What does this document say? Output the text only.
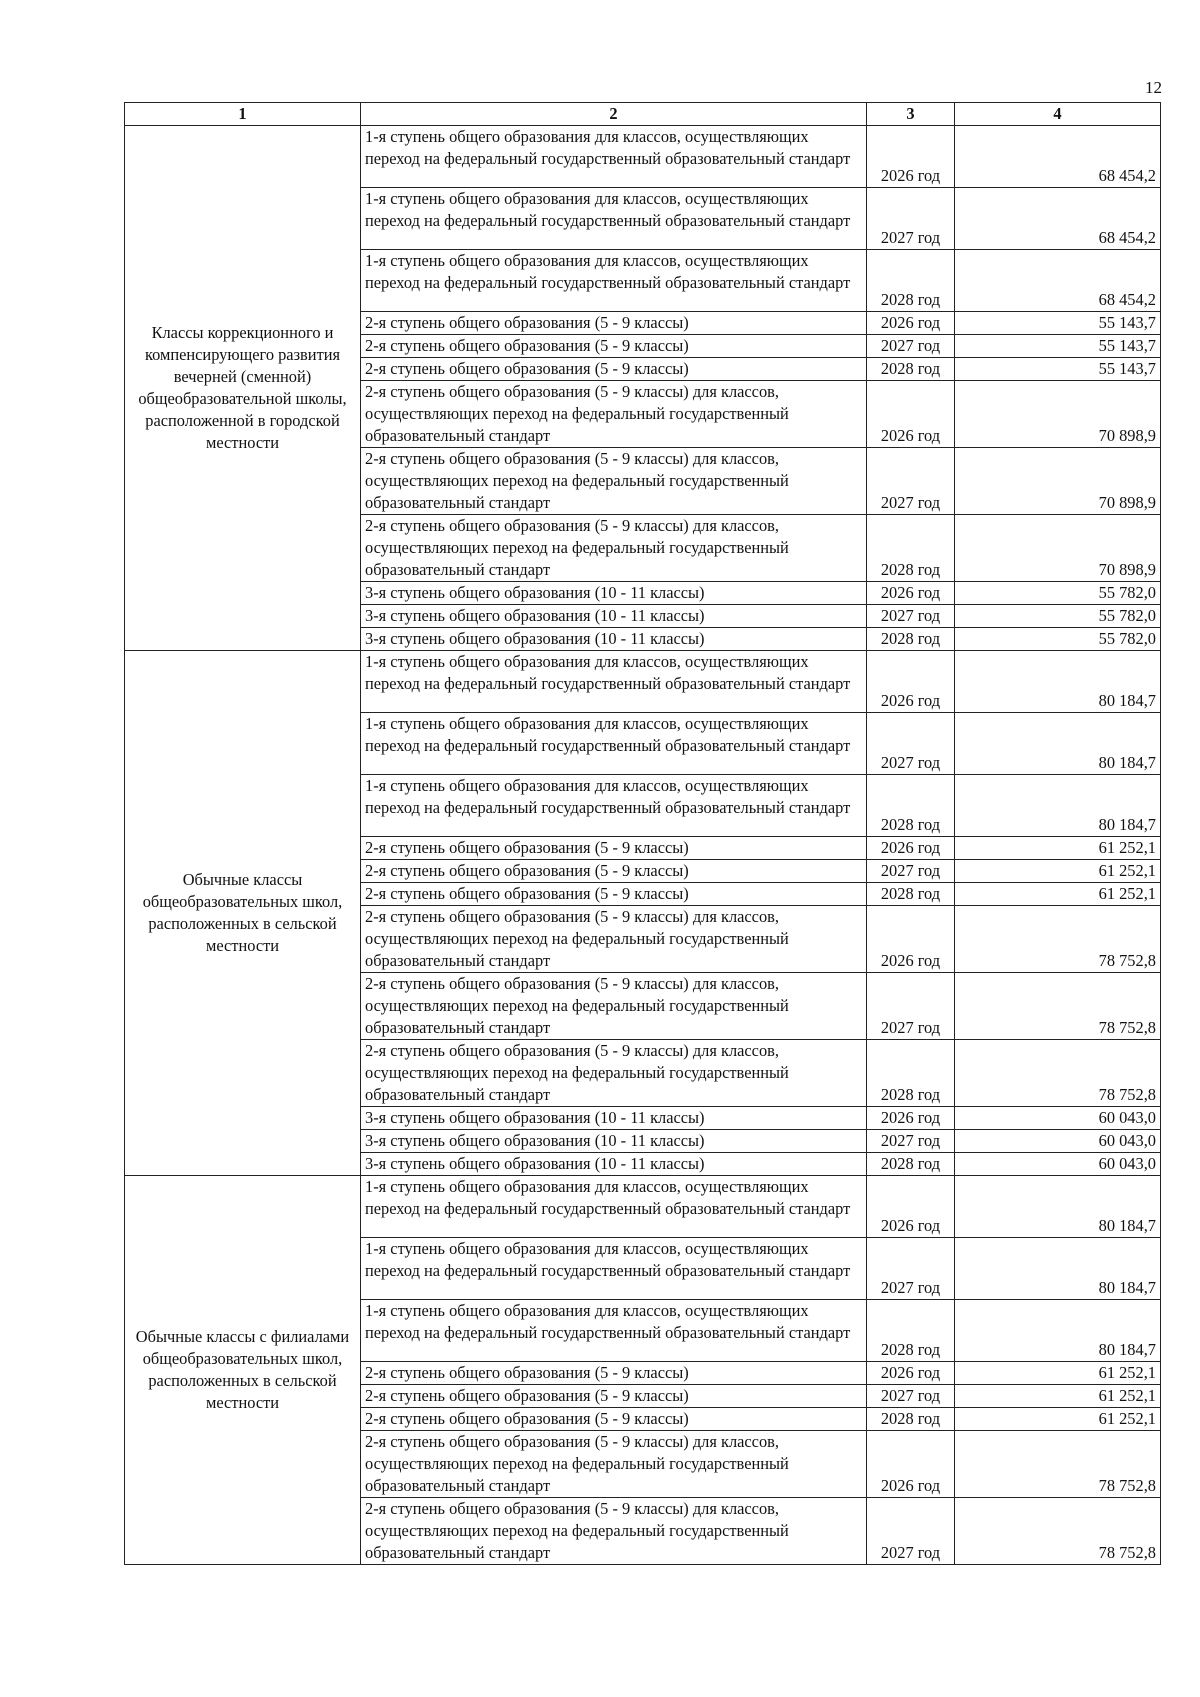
12
1	2	3	4
Классы коррекционного и компенсирующего развития вечерней (сменной) общеобразовательной школы, расположенной в городской местности	1-я ступень общего образования для классов, осуществляющих переход на федеральный государственный образовательный стандарт	2026 год	68 454,2
	1-я ступень общего образования для классов, осуществляющих переход на федеральный государственный образовательный стандарт	2027 год	68 454,2
	1-я ступень общего образования для классов, осуществляющих переход на федеральный государственный образовательный стандарт	2028 год	68 454,2
	2-я ступень общего образования (5 - 9 классы)	2026 год	55 143,7
	2-я ступень общего образования (5 - 9 классы)	2027 год	55 143,7
	2-я ступень общего образования (5 - 9 классы)	2028 год	55 143,7
	2-я ступень общего образования (5 - 9 классы) для классов, осуществляющих переход на федеральный государственный образовательный стандарт	2026 год	70 898,9
	2-я ступень общего образования (5 - 9 классы) для классов, осуществляющих переход на федеральный государственный образовательный стандарт	2027 год	70 898,9
	2-я ступень общего образования (5 - 9 классы) для классов, осуществляющих переход на федеральный государственный образовательный стандарт	2028 год	70 898,9
	3-я ступень общего образования (10 - 11 классы)	2026 год	55 782,0
	3-я ступень общего образования (10 - 11 классы)	2027 год	55 782,0
	3-я ступень общего образования (10 - 11 классы)	2028 год	55 782,0
Обычные классы общеобразовательных школ, расположенных в сельской местности	1-я ступень общего образования для классов, осуществляющих переход на федеральный государственный образовательный стандарт	2026 год	80 184,7
	1-я ступень общего образования для классов, осуществляющих переход на федеральный государственный образовательный стандарт	2027 год	80 184,7
	1-я ступень общего образования для классов, осуществляющих переход на федеральный государственный образовательный стандарт	2028 год	80 184,7
	2-я ступень общего образования (5 - 9 классы)	2026 год	61 252,1
	2-я ступень общего образования (5 - 9 классы)	2027 год	61 252,1
	2-я ступень общего образования (5 - 9 классы)	2028 год	61 252,1
	2-я ступень общего образования (5 - 9 классы) для классов, осуществляющих переход на федеральный государственный образовательный стандарт	2026 год	78 752,8
	2-я ступень общего образования (5 - 9 классы) для классов, осуществляющих переход на федеральный государственный образовательный стандарт	2027 год	78 752,8
	2-я ступень общего образования (5 - 9 классы) для классов, осуществляющих переход на федеральный государственный образовательный стандарт	2028 год	78 752,8
	3-я ступень общего образования (10 - 11 классы)	2026 год	60 043,0
	3-я ступень общего образования (10 - 11 классы)	2027 год	60 043,0
	3-я ступень общего образования (10 - 11 классы)	2028 год	60 043,0
Обычные классы с филиалами общеобразовательных школ, расположенных в сельской местности	1-я ступень общего образования для классов, осуществляющих переход на федеральный государственный образовательный стандарт	2026 год	80 184,7
	1-я ступень общего образования для классов, осуществляющих переход на федеральный государственный образовательный стандарт	2027 год	80 184,7
	1-я ступень общего образования для классов, осуществляющих переход на федеральный государственный образовательный стандарт	2028 год	80 184,7
	2-я ступень общего образования (5 - 9 классы)	2026 год	61 252,1
	2-я ступень общего образования (5 - 9 классы)	2027 год	61 252,1
	2-я ступень общего образования (5 - 9 классы)	2028 год	61 252,1
	2-я ступень общего образования (5 - 9 классы) для классов, осуществляющих переход на федеральный государственный образовательный стандарт	2026 год	78 752,8
	2-я ступень общего образования (5 - 9 классы) для классов, осуществляющих переход на федеральный государственный образовательный стандарт	2027 год	78 752,8
